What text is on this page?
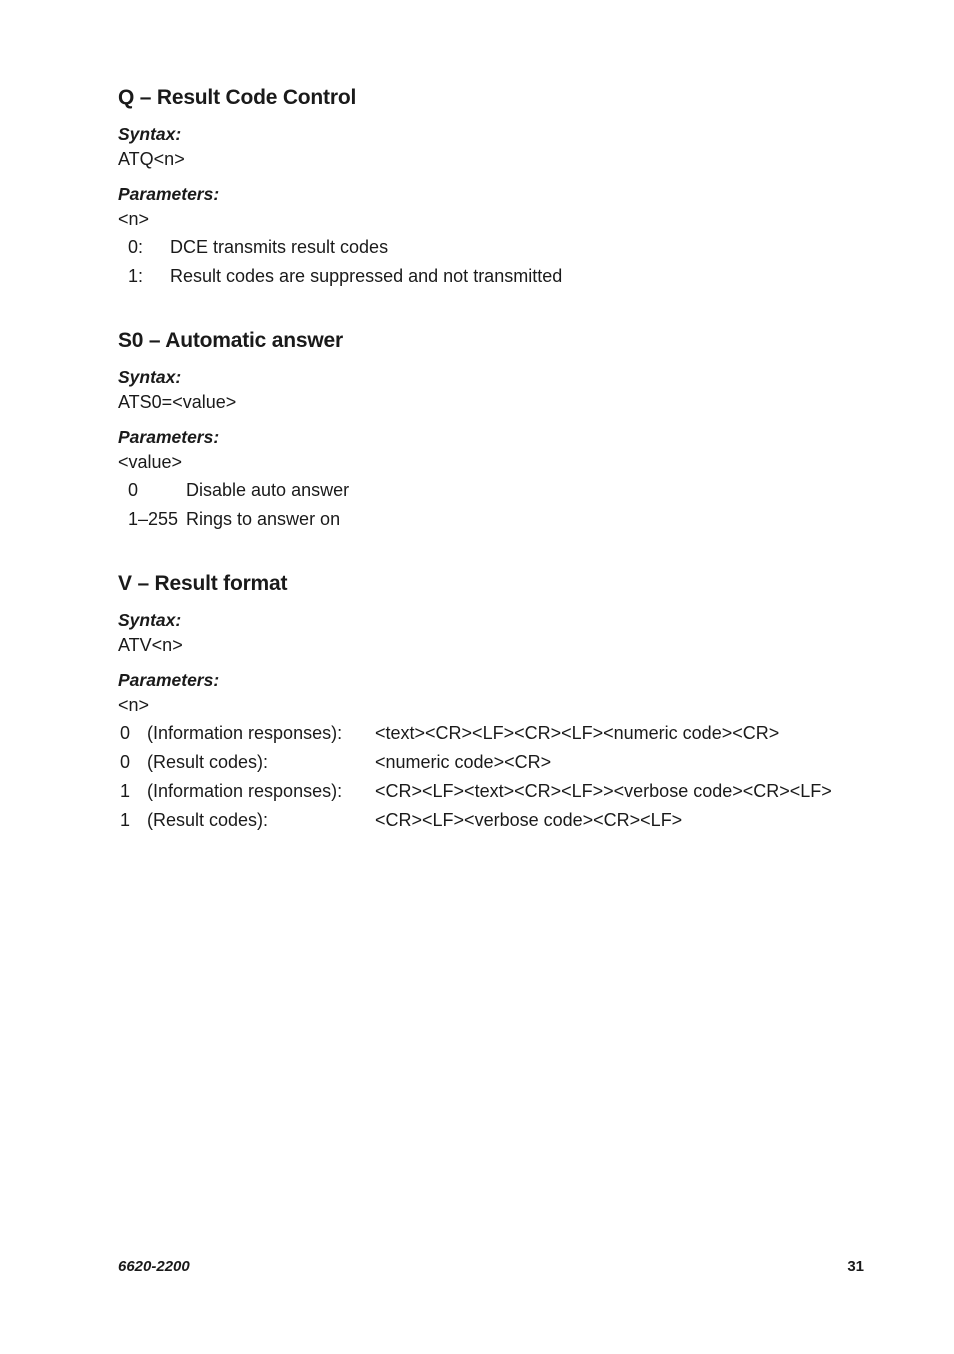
Q – Result Code Control
Syntax:
ATQ<n>
Parameters:
<n>
0:	DCE transmits result codes
1:	Result codes are suppressed and not transmitted
S0 – Automatic answer
Syntax:
ATS0=<value>
Parameters:
<value>
0	Disable auto answer
1–255 Rings to answer on
V – Result format
Syntax:
ATV<n>
Parameters:
<n>
0 (Information responses):	<text><CR><LF><CR><LF><numeric code><CR>
0 (Result codes):	<numeric code><CR>
1 (Information responses):	<CR><LF><text><CR><LF>><verbose code><CR><LF>
1 (Result codes):	<CR><LF><verbose code><CR><LF>
6620-2200	31
